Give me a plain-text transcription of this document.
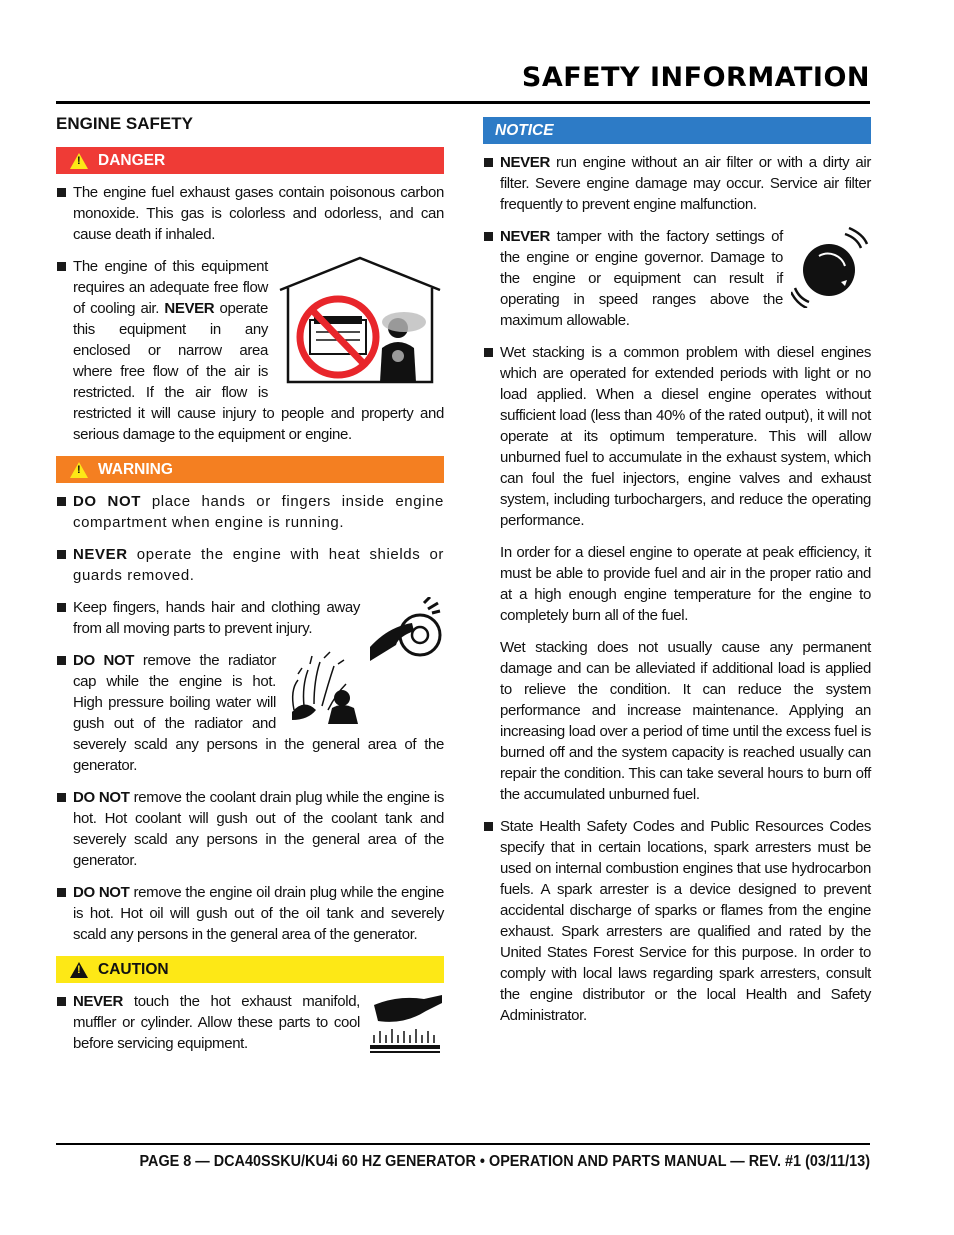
SAFETY INFORMATION
ENGINE SAFETY
!
DANGER
The engine fuel exhaust gases contain poisonous carbon monoxide. This gas is colorless and odorless, and can cause death if inhaled.
The engine of this equipment requires an adequate free flow of cooling air. NEVER operate this equipment in any enclosed or narrow area where free flow of the air is restricted. If the air flow is restricted it will cause injury to people and property and serious damage to the equipment or engine.
!
WARNING
DO NOT place hands or fingers inside engine compartment when engine is running.
NEVER operate the engine with heat shields or guards removed.
Keep fingers, hands hair and clothing away from all moving parts to prevent injury.
DO NOT remove the radiator cap while the engine is hot. High pressure boiling water will gush out of the radiator and severely scald any persons in the general area of the generator.
DO NOT remove the coolant drain plug while the engine is hot. Hot coolant will gush out of the coolant tank and severely scald any persons in the general area of the generator.
DO NOT remove the engine oil drain plug while the engine is hot. Hot oil will gush out of the oil tank and severely scald any persons in the general area of the generator.
!
CAUTION
NEVER touch the hot exhaust manifold, muffler or cylinder. Allow these parts to cool before servicing equipment.
NOTICE
NEVER run engine without an air filter or with a dirty air filter. Severe engine damage may occur. Service air filter frequently to prevent engine malfunction.
NEVER tamper with the factory settings of the engine or engine governor. Damage to the engine or equipment can result if operating in speed ranges above the maximum allowable.
Wet stacking is a common problem with diesel engines which are operated for extended periods with light or no load applied. When a diesel engine operates without sufficient load (less than 40% of the rated output), it will not operate at its optimum temperature. This will allow unburned fuel to accumulate in the exhaust system, which can foul the fuel injectors, engine valves and exhaust system, including turbochargers, and reduce the operating performance.
In order for a diesel engine to operate at peak efficiency, it must be able to provide fuel and air in the proper ratio and at a high enough engine temperature for the engine to completely burn all of the fuel.
Wet stacking does not usually cause any permanent damage and can be alleviated if additional load is applied to relieve the condition. It can reduce the system performance and increase maintenance. Applying an increasing load over a period of time until the excess fuel is burned off and the system capacity is reached usually can repair the condition. This can take several hours to burn off the accumulated unburned fuel.
State Health Safety Codes and Public Resources Codes specify that in certain locations, spark arresters must be used on internal combustion engines that use hydrocarbon fuels. A spark arrester is a device designed to prevent accidental discharge of sparks or flames from the engine exhaust. Spark arresters are qualified and rated by the United States Forest Service for this purpose. In order to comply with local laws regarding spark arresters, consult the engine distributor or the local Health and Safety Administrator.
PAGE 8 — DCA40SSKU/KU4i 60 HZ GENERATOR • OPERATION AND PARTS MANUAL — REV. #1 (03/11/13)
